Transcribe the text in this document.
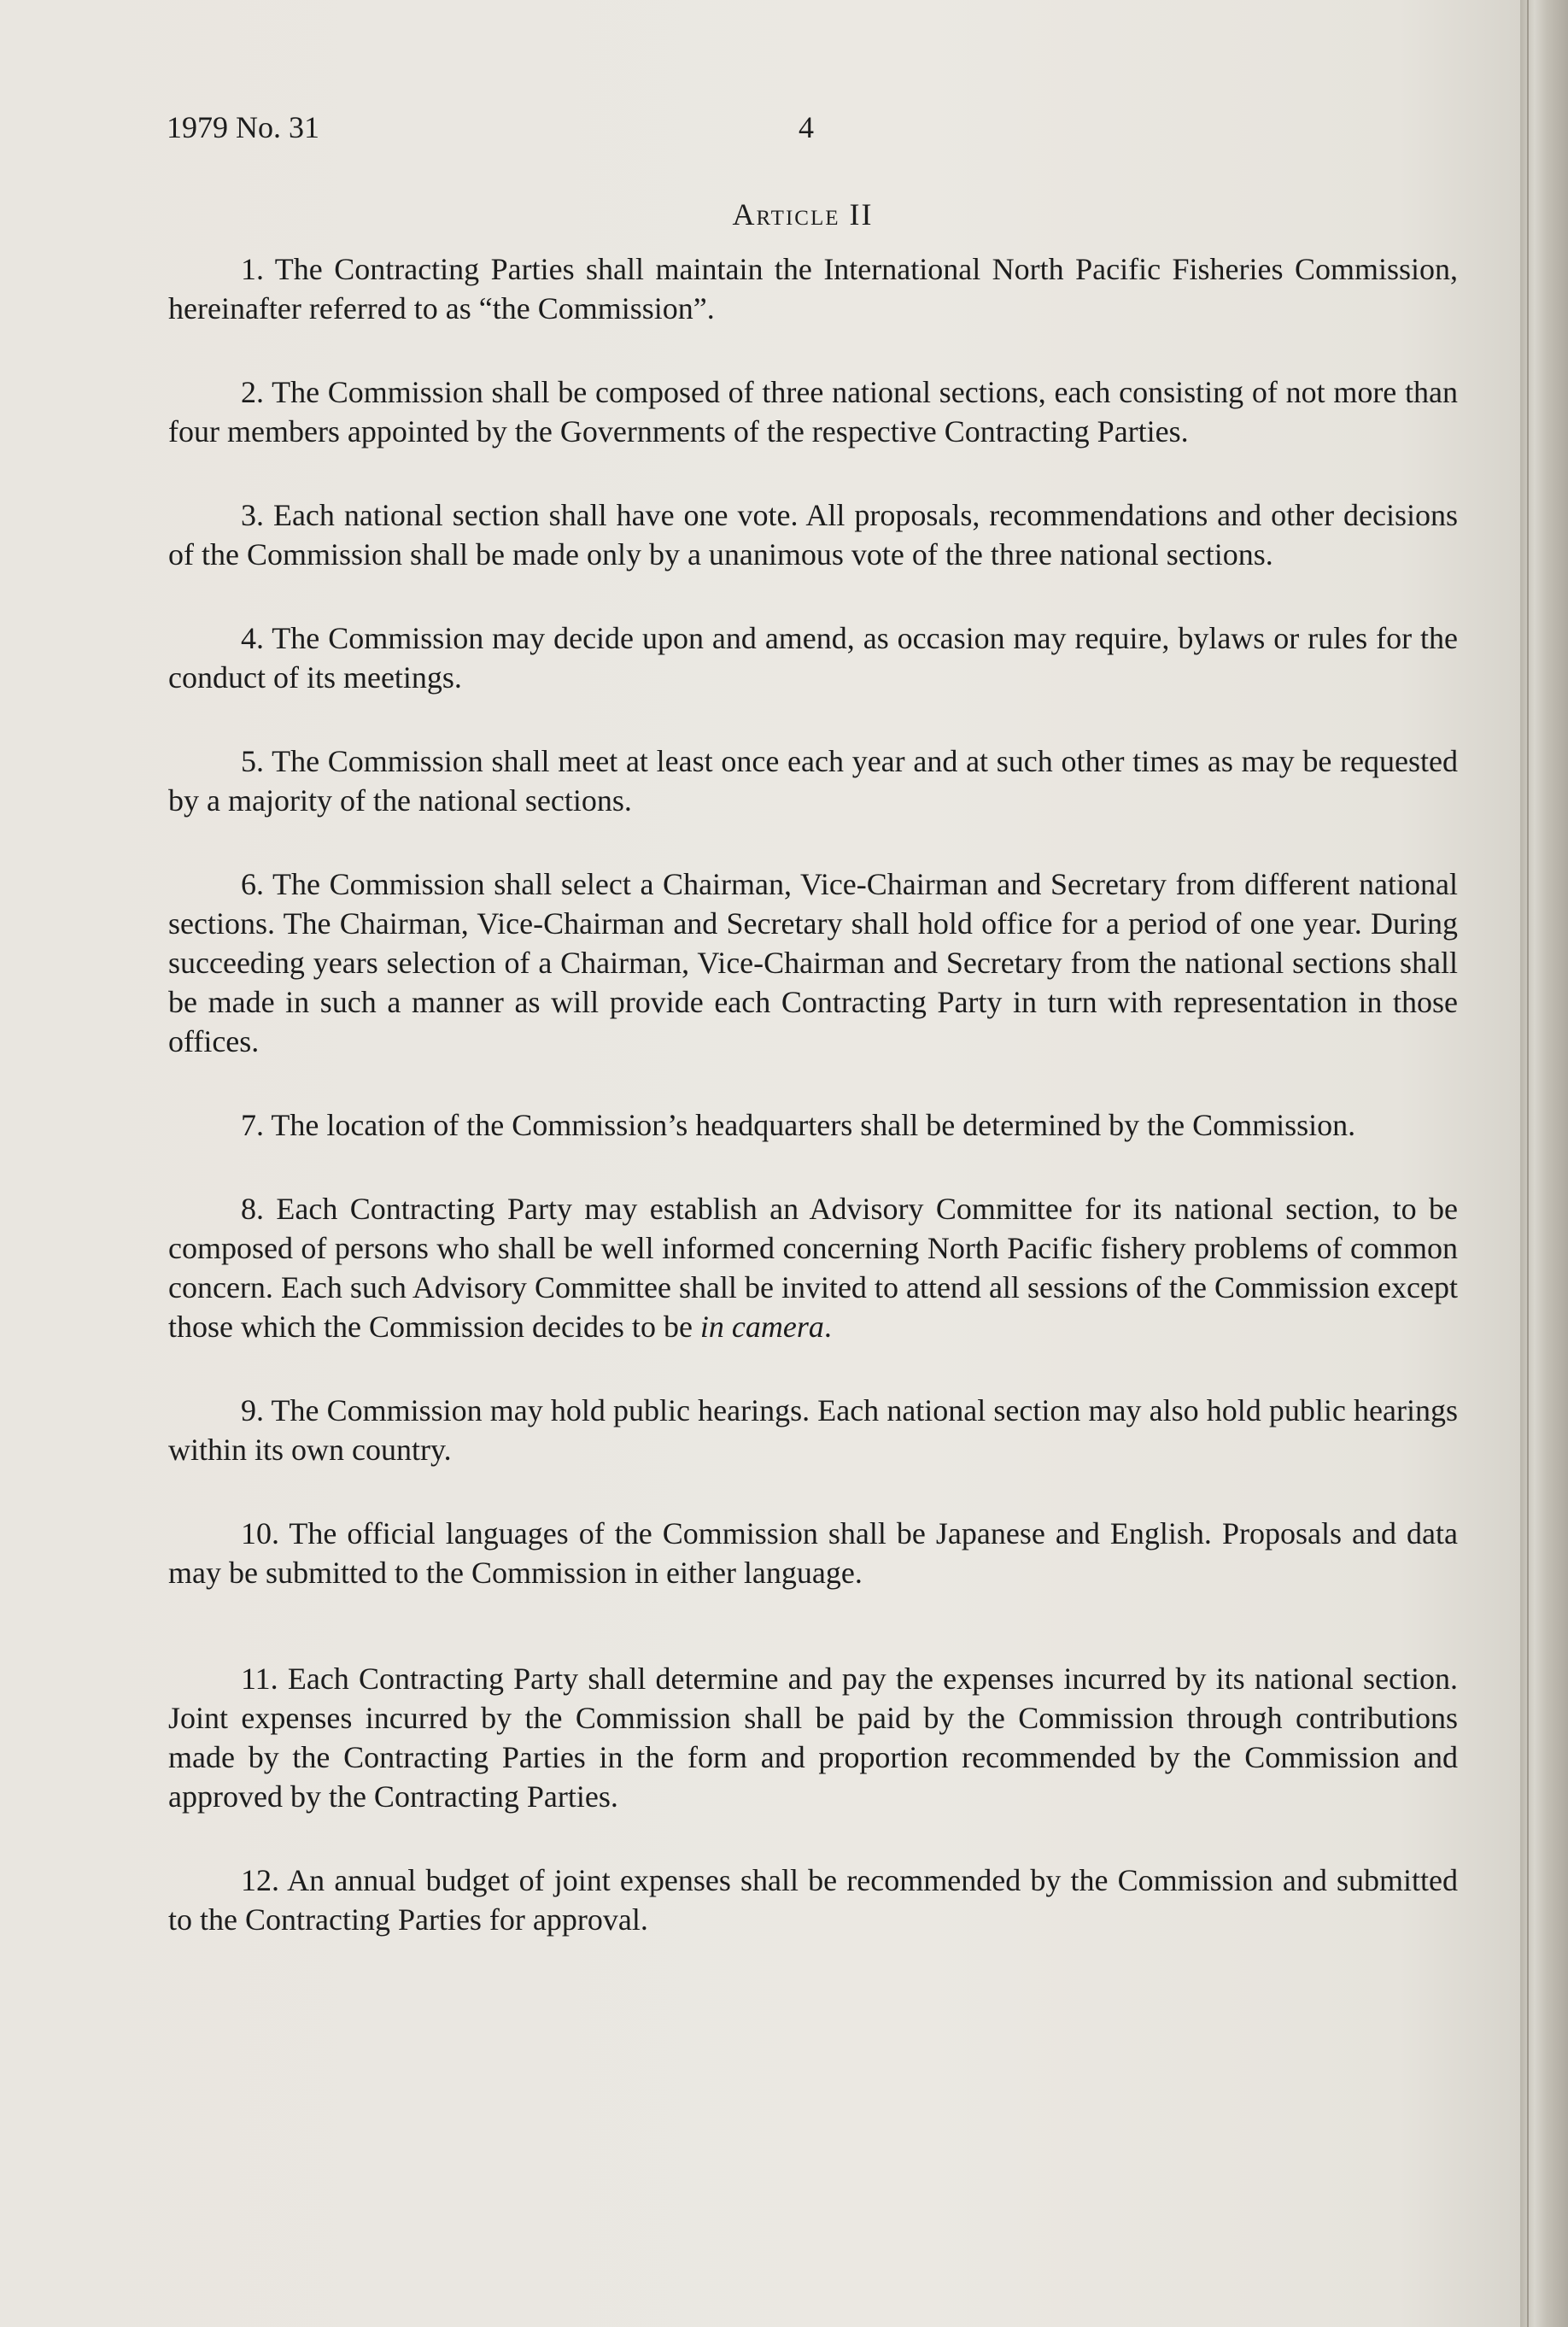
1979 No. 31	4
Article II

1. The Contracting Parties shall maintain the International North Pacific Fisheries Commission, hereinafter referred to as “the Commission”.

2. The Commission shall be composed of three national sections, each consisting of not more than four members appointed by the Governments of the respective Contracting Parties.

3. Each national section shall have one vote. All proposals, recommendations and other decisions of the Commission shall be made only by a unanimous vote of the three national sections.

4. The Commission may decide upon and amend, as occasion may require, bylaws or rules for the conduct of its meetings.

5. The Commission shall meet at least once each year and at such other times as may be requested by a majority of the national sections.

6. The Commission shall select a Chairman, Vice-Chairman and Secretary from different national sections. The Chairman, Vice-Chairman and Secretary shall hold office for a period of one year. During succeeding years selection of a Chairman, Vice-Chairman and Secretary from the national sections shall be made in such a manner as will provide each Contracting Party in turn with representation in those offices.

7. The location of the Commission’s headquarters shall be determined by the Commission.

8. Each Contracting Party may establish an Advisory Committee for its national section, to be composed of persons who shall be well informed concerning North Pacific fishery problems of common concern. Each such Advisory Committee shall be invited to attend all sessions of the Commission except those which the Commission decides to be in camera.

9. The Commission may hold public hearings. Each national section may also hold public hearings within its own country.

10. The official languages of the Commission shall be Japanese and English. Proposals and data may be submitted to the Commission in either language.

11. Each Contracting Party shall determine and pay the expenses incurred by its national section. Joint expenses incurred by the Commission shall be paid by the Commission through contributions made by the Contracting Parties in the form and proportion recommended by the Commission and approved by the Contracting Parties.

12. An annual budget of joint expenses shall be recommended by the Commission and submitted to the Contracting Parties for approval.
